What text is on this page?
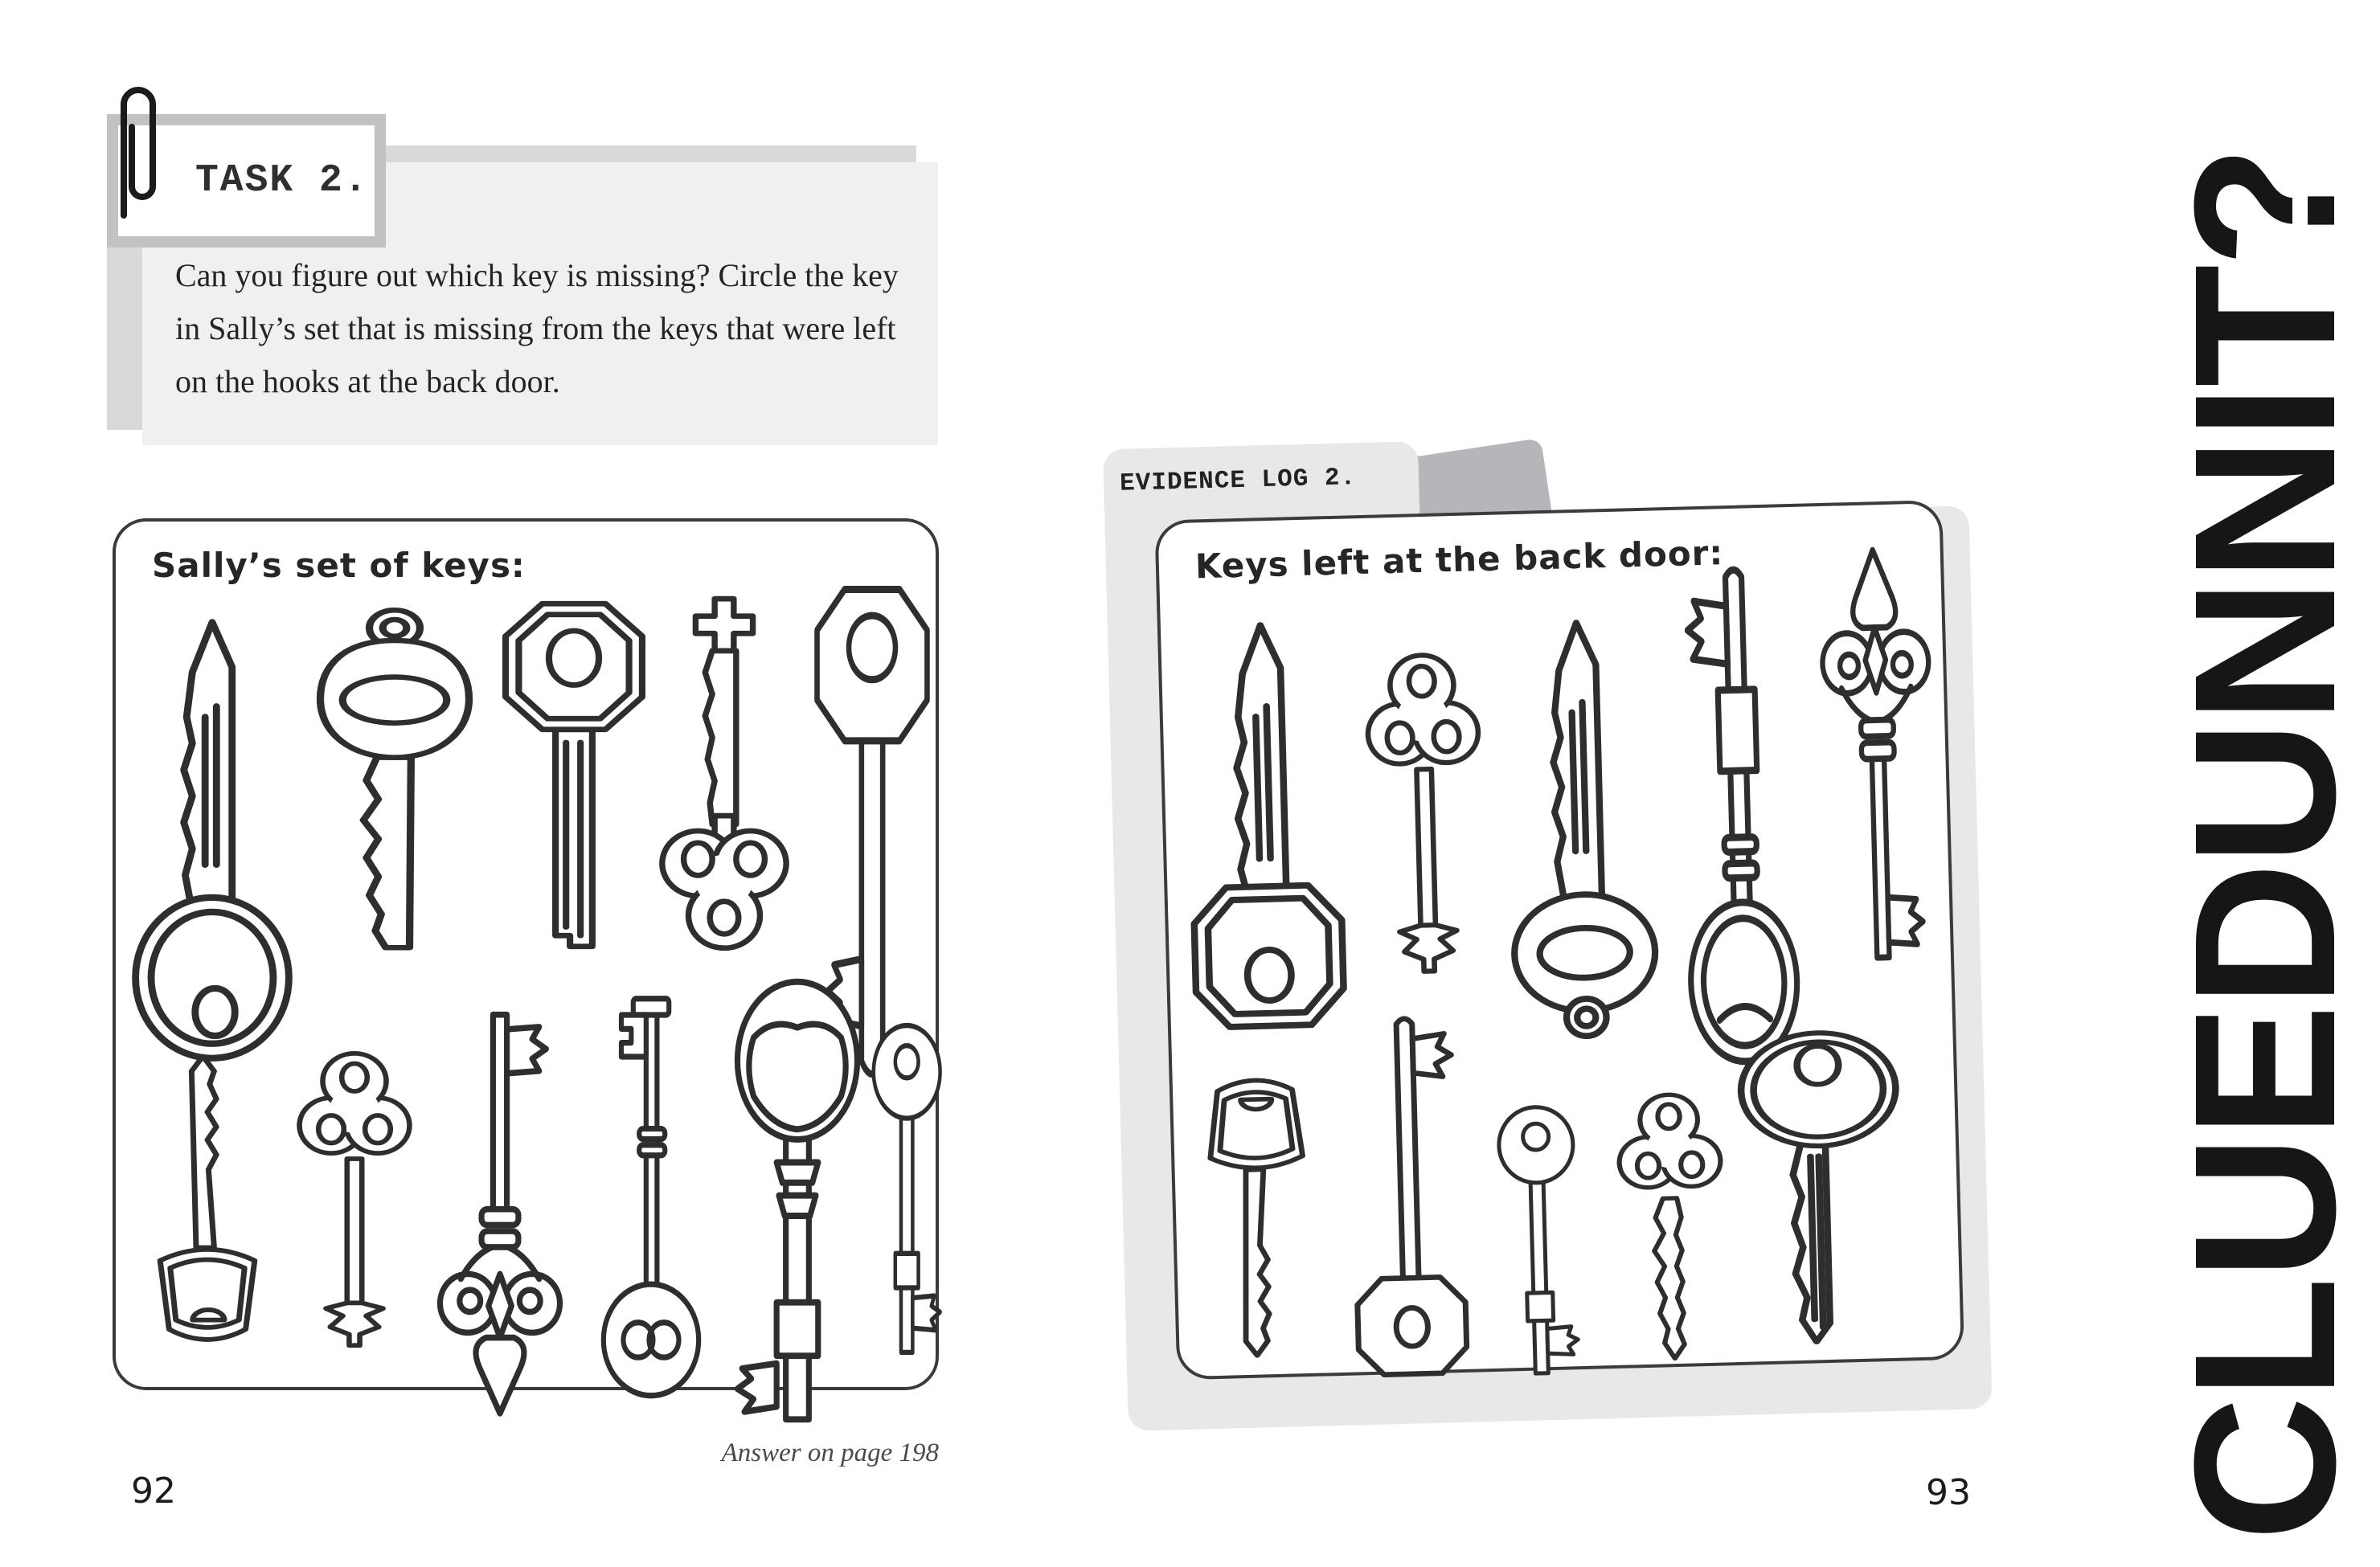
Can you figure out which key is missing? Circle the key in Sally’s set that is missing from the keys that were left on the hooks at the back door.
TASK 2.
Sally’s set of keys:
EVIDENCE LOG 2.
Keys left at the back door:
Answer on page 198
92	93 CLUEDUNNIT?
